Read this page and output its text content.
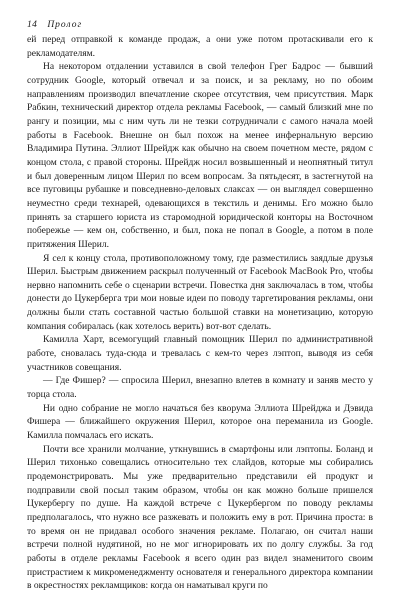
14 Пролог

ей перед отправкой к команде продаж, а они уже потом протаскивали его к рекламодателям.

На некотором отдалении уставился в свой телефон Грег Бадрос — бывший сотрудник Google, который отвечал и за поиск, и за рекламу, но по обоим направлениям производил впечатление скорее отсутствия, чем присутствия. Марк Рабкин, технический директор отдела рекламы Facebook, — самый близкий мне по рангу и позиции, мы с ним чуть ли не тезки сотрудничали с самого начала моей работы в Facebook. Внешне он был похож на менее инфернальную версию Владимира Путина. Эллиот Шрейдж как обычно на своем почетном месте, рядом с концом стола, с правой стороны. Шрейдж носил возвышенный и неопнятный титул и был доверенным лицом Шерил по всем вопросам. За пятьдесят, в застегнутой на все пуговицы рубашке и повседневно-деловых слаксах — он выглядел совершенно неуместно среди технарей, одевающихся в текстиль и денимы. Его можно было принять за старшего юриста из старомодной юридической конторы на Восточном побережье — кем он, собственно, и был, пока не попал в Google, а потом в поле притяжения Шерил.

Я сел к концу стола, противоположному тому, где разместились заядлые друзья Шерил. Быстрым движением раскрыл полученный от Facebook MacBook Pro, чтобы нервно напомнить себе о сценарии встречи. Повестка дня заключалась в том, чтобы донести до Цукерберга три мои новые идеи по поводу таргетирования рекламы, они должны были стать составной частью большой ставки на монетизацию, которую компания собиралась (как хотелось верить) вот-вот сделать.

Камилла Харт, всемогущий главный помощник Шерил по административной работе, сновалась туда-сюда и тревалась с кем-то через лэптоп, выводя из себя участников совещания.

— Где Фишер? — спросила Шерил, внезапно влетев в комнату и заняв место у торца стола.

Ни одно собрание не могло начаться без кворума Эллиота Шрейджа и Дэвида Фишера — ближайшего окружения Шерил, которое она переманила из Google. Камилла помчалась его искать.

Почти все хранили молчание, уткнувшись в смартфоны или лэптопы. Боланд и Шерил тихонько совещались относительно тех слайдов, которые мы собирались продемонстрировать. Мы уже предварительно представили ей продукт и подправили свой посыл таким образом, чтобы он как можно больше пришелся Цукербергу по душе. На каждой встрече с Цукербергом по поводу рекламы предполагалось, что нужно все разжевать и положить ему в рот. Причина проста: в то время он не придавал особого значения рекламе. Полагаю, он считал наши встречи полной нудятиной, но не мог игнорировать их по долгу службы. За год работы в отделе рекламы Facebook я всего один раз видел знаменитого своим пристрастием к микроменеджменту основателя и генерального директора компании в окрестностях рекламщиков: когда он наматывал круги по
